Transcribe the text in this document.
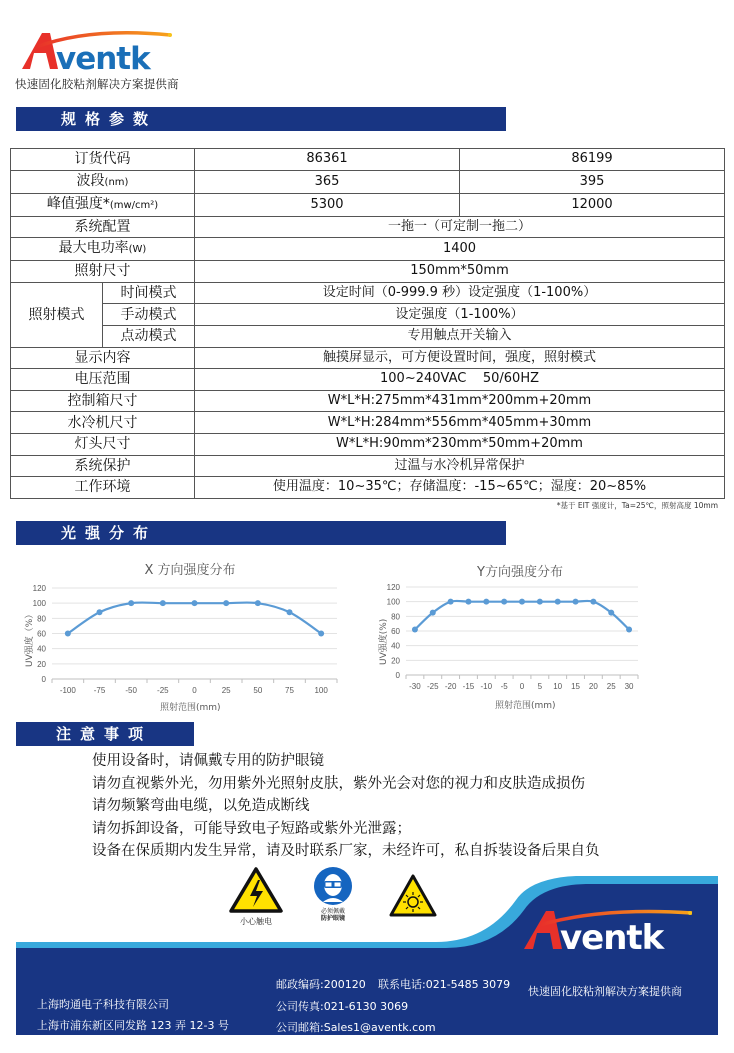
ventk
快速固化胶粘剂解决方案提供商
规格参数
订货代码		86361	86199
波段(nm)		365	395
峰值强度*(mw/cm²)		5300	12000
系统配置		一拖一（可定制一拖二）	
最大电功率(W)		1400	
照射尺寸		150mm*50mm	
照射模式	时间模式	设定时间（0-999.9 秒）设定强度（1-100%）	
	手动模式	设定强度（1-100%）	
	点动模式	专用触点开关输入	
显示内容		触摸屏显示，可方便设置时间，强度，照射模式	
电压范围		100~240VAC    50/60HZ	
控制箱尺寸		W*L*H:275mm*431mm*200mm+20mm	
水冷机尺寸		W*L*H:284mm*556mm*405mm+30mm	
灯头尺寸		W*L*H:90mm*230mm*50mm+20mm	
系统保护		过温与水冷机异常保护	
工作环境		使用温度：10~35℃；存储温度：-15~65℃；湿度：20~85%	
*基于 EIT 强度计，Ta=25℃，照射高度 10mm
光强分布
X 方向强度分布
0
20
40
60
80
100
120
-100 -75	-50	-25	0	25	50	75	100
UV强度（%）
照射范围(mm)
Y方向强度分布
0
20
40
60
80
100
120
-30 -25 -20 -15 -10 -5 0 5 10 15 20 25 30
UV强度(%)
照射范围(mm)
注意事项
使用设备时，请佩戴专用的防护眼镜
请勿直视紫外光，勿用紫外光照射皮肤，紫外光会对您的视力和皮肤造成损伤
请勿频繁弯曲电缆，以免造成断线
请勿拆卸设备，可能导致电子短路或紫外光泄露；
设备在保质期内发生异常，请及时联系厂家，未经许可，私自拆装设备后果自负
小心触电
必须佩戴
防护眼镜	ventk
上海昀通电子科技有限公司
上海市浦东新区同发路 123 弄 12-3 号
邮政编码:200120 联系电话:021-5485 3079
公司传真:021-6130 3069
公司邮箱:Sales1@aventk.com
快速固化胶粘剂解决方案提供商
